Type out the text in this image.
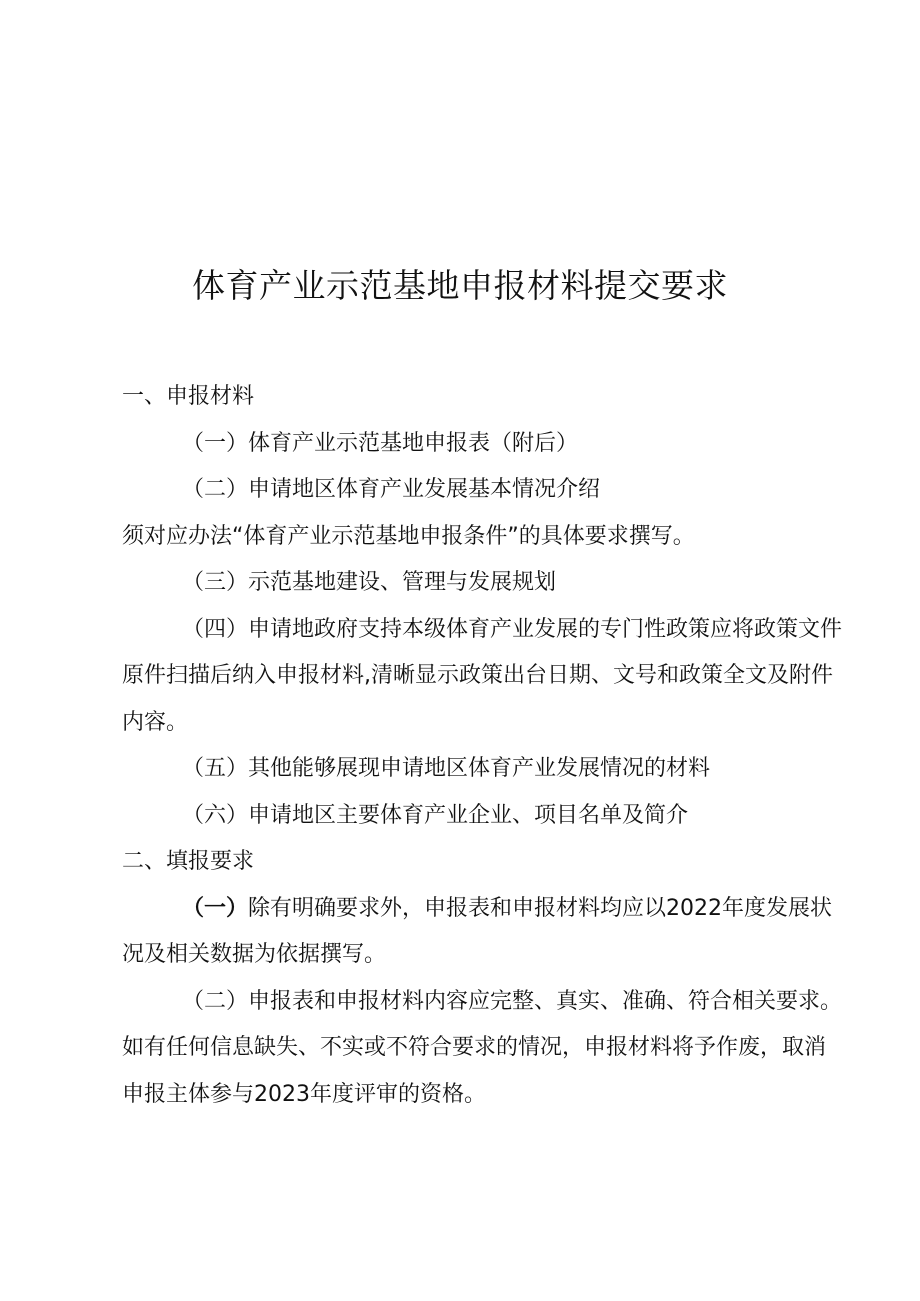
体育产业示范基地申报材料提交要求

一、申报材料

（一）体育产业示范基地申报表（附后）

（二）申请地区体育产业发展基本情况介绍

须对应办法“体育产业示范基地申报条件”的具体要求撰写。

（三）示范基地建设、管理与发展规划

（四）申请地政府支持本级体育产业发展的专门性政策应将政策文件原件扫描后纳入申报材料,清晰显示政策出台日期、文号和政策全文及附件内容。

（五）其他能够展现申请地区体育产业发展情况的材料

（六）申请地区主要体育产业企业、项目名单及简介

二、填报要求

（一）除有明确要求外，申报表和申报材料均应以2022年度发展状况及相关数据为依据撰写。

（二）申报表和申报材料内容应完整、真实、准确、符合相关要求。如有任何信息缺失、不实或不符合要求的情况，申报材料将予作废，取消申报主体参与2023年度评审的资格。
